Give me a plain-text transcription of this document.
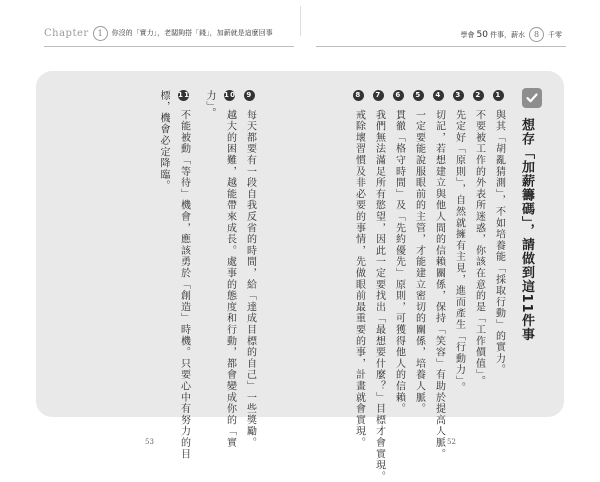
Chapter	1	你沒的「實力」，老闆夠搭「錢」，加薪就是這麼回事	學會 50 件事，薪水	8	千零
想存「加薪籌碼」，請做到這11件事
1 與其「胡亂猜測」，不如培養能「採取行動」的實力。
2 不要被工作的外表所迷惑，你該在意的是「工作價值」。
3 先定好「原則」，自然就擁有主見，進而產生「行動力」。
4 切記，若想建立與他人間的信賴關係，保持「笑容」有助於提高人脈。
5 一定要能說服眼前的主管，才能建立密切的關係，培養人脈。
6 貫徹「格守時間」及「先約優先」原則，可獲得他人的信賴。
7 我們無法滿足所有慾望，因此一定要找出「最想要什麼？」目標才會實現。
8 戒除壞習慣及非必要的事情，先做眼前最重要的事，計畫就會實現。
9 每天都要有一段自我反省的時間，給「達成目標的自己」一些獎勵。
10 越大的困難，越能帶來成長。處事的態度和行動，都會變成你的「實
力」。
11 不能被動「等待」機會，應該勇於「創造」時機。只要心中有努力的目
標，機會必定降臨。
53	52
